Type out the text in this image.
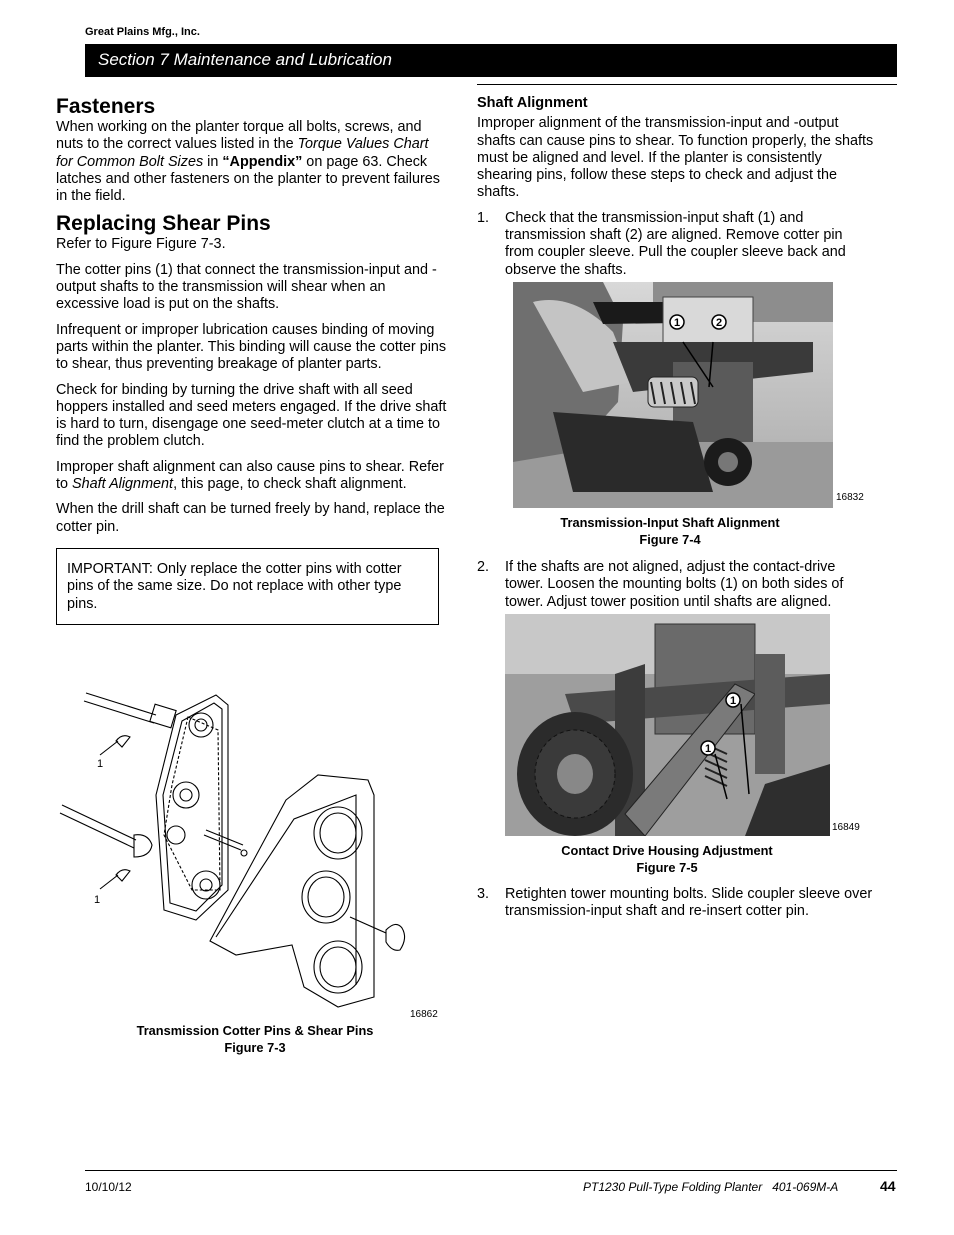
Great Plains Mfg., Inc.
Section 7 Maintenance and Lubrication
Fasteners

When working on the planter torque all bolts, screws, and nuts to the correct values listed in the Torque Values Chart for Common Bolt Sizes in “Appendix” on page 63. Check latches and other fasteners on the planter to prevent failures in the field.

Replacing Shear Pins

Refer to Figure Figure 7-3.

The cotter pins (1) that connect the transmission-input and -output shafts to the transmission will shear when an excessive load is put on the shafts.

Infrequent or improper lubrication causes binding of moving parts within the planter. This binding will cause the cotter pins to shear, thus preventing breakage of planter parts.

Check for binding by turning the drive shaft with all seed hoppers installed and seed meters engaged. If the drive shaft is hard to turn, disengage one seed-meter clutch at a time to find the problem clutch.

Improper shaft alignment can also cause pins to shear. Refer to Shaft Alignment, this page, to check shaft alignment.

When the drill shaft can be turned freely by hand, replace the cotter pin.

IMPORTANT: Only replace the cotter pins with cotter pins of the same size. Do not replace with other type pins.
1
1
16862
Transmission Cotter Pins & Shear Pins
Figure 7-3
Shaft Alignment

Improper alignment of the transmission-input and -output shafts can cause pins to shear. To function properly, the shafts must be aligned and level. If the planter is consistently shearing pins, follow these steps to check and adjust the shafts.

1.	Check that the transmission-input shaft (1) and transmission shaft (2) are aligned. Remove cotter pin from coupler sleeve. Pull the coupler sleeve back and observe the shafts.
1	2
16832
Transmission-Input Shaft Alignment
Figure 7-4
2.	If the shafts are not aligned, adjust the contact-drive tower. Loosen the mounting bolts (1) on both sides of tower. Adjust tower position until shafts are aligned.
1
1
16849
Contact Drive Housing Adjustment
Figure 7-5
3.	Retighten tower mounting bolts. Slide coupler sleeve over transmission-input shaft and re-insert cotter pin.
10/10/12	PT1230 Pull-Type Folding Planter   401-069M-A	44
